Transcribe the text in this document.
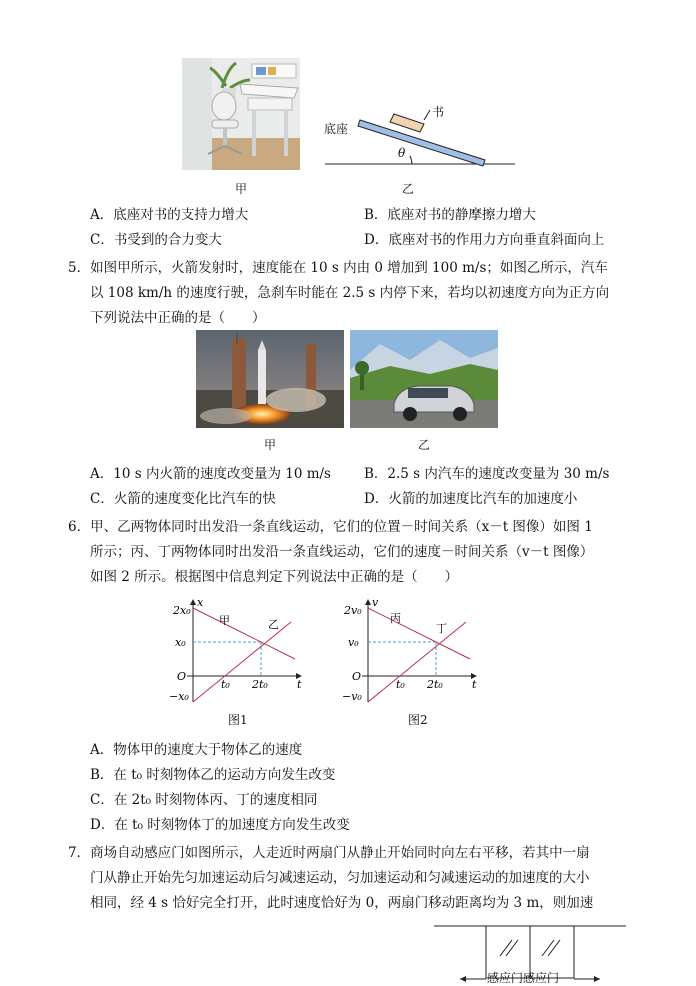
甲
书
底座
θ
乙
A．底座对书的支持力增大	B．底座对书的静摩擦力增大
C．书受到的合力变大	D．底座对书的作用力方向垂直斜面向上
5．如图甲所示，火箭发射时，速度能在 10 s 内由 0 增加到 100 m/s；如图乙所示，汽车
以 108 km/h 的速度行驶，急刹车时能在 2.5 s 内停下来，若均以初速度方向为正方向
下列说法中正确的是（　　）
甲	乙
A．10 s 内火箭的速度改变量为 10 m/s B．2.5 s 内汽车的速度改变量为 30 m/s
C．火箭的速度变化比汽车的快	D．火箭的加速度比汽车的加速度小
6．甲、乙两物体同时出发沿一条直线运动，它们的位置－时间关系（x－t 图像）如图 1
所示；丙、丁两物体同时出发沿一条直线运动，它们的速度－时间关系（v－t 图像）
如图 2 所示。根据图中信息判定下列说法中正确的是（　　）
2x₀
x
x₀
O
−x₀
t₀ 2t₀	t
甲	乙
图1
2v₀
v
v₀
O
−v₀
t₀ 2t₀	t
丙
丁
图2
A．物体甲的速度大于物体乙的速度
B．在 t₀ 时刻物体乙的运动方向发生改变
C．在 2t₀ 时刻物体丙、丁的速度相同
D．在 t₀ 时刻物体丁的加速度方向发生改变
7．商场自动感应门如图所示，人走近时两扇门从静止开始同时向左右平移，若其中一扇
门从静止开始先匀加速运动后匀减速运动，匀加速运动和匀减速运动的加速度的大小
相同，经 4 s 恰好完全打开，此时速度恰好为 0，两扇门移动距离均为 3 m，则加速
感应门感应门
